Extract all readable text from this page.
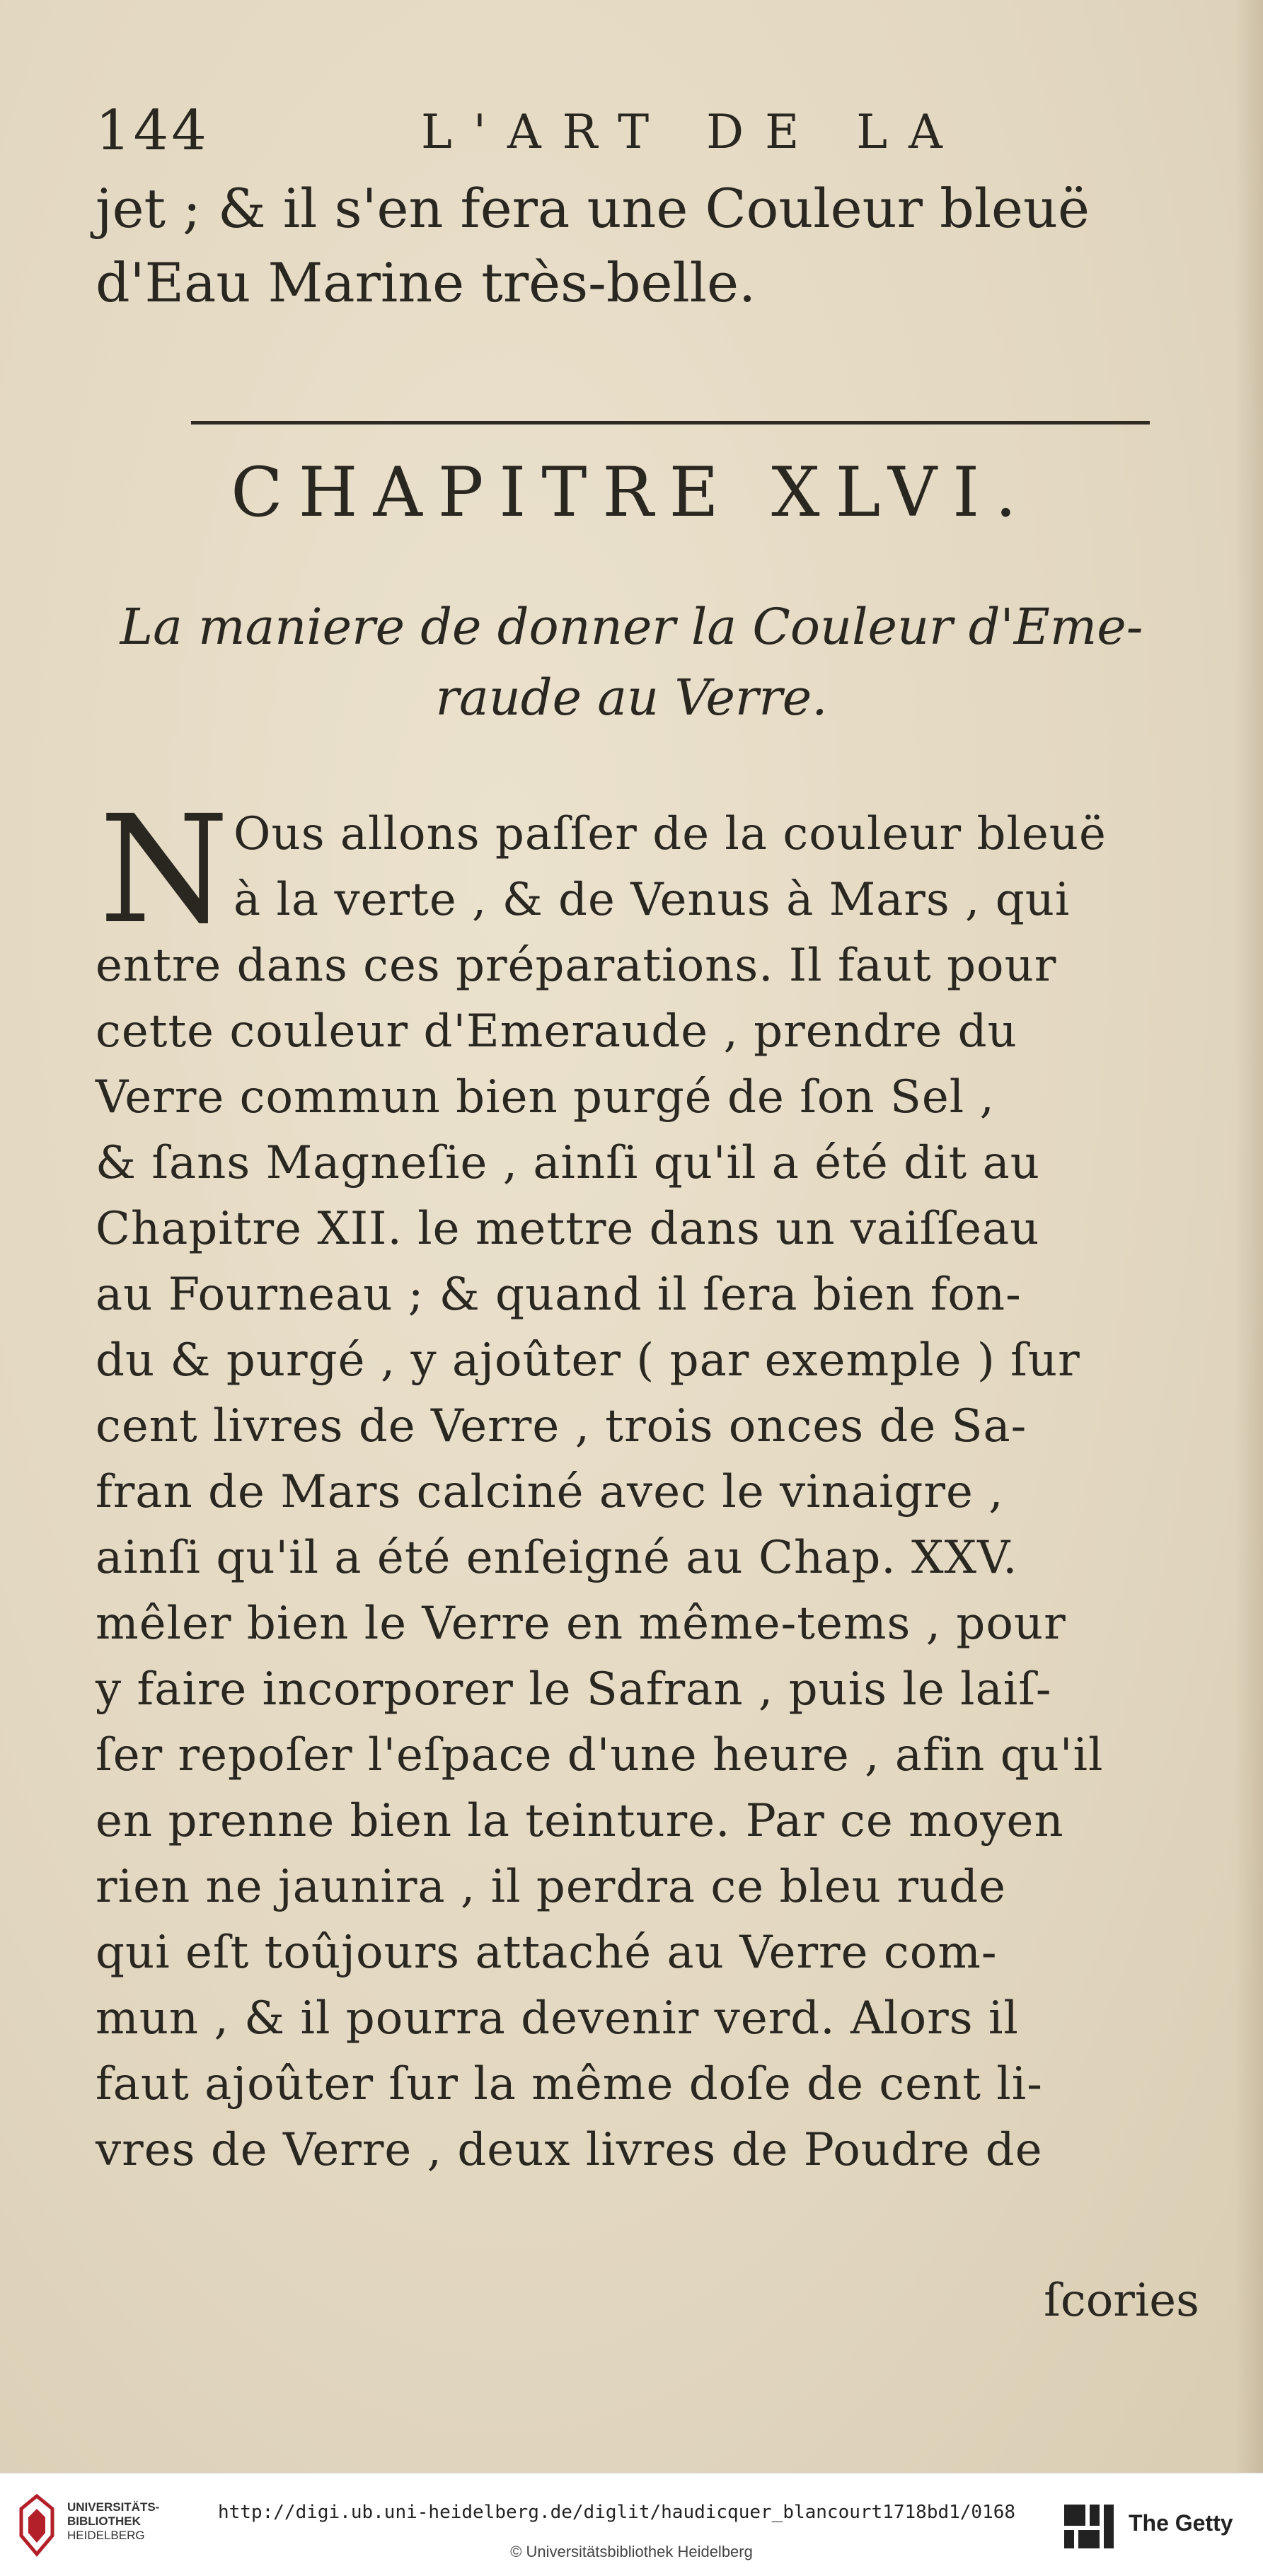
144	L'ART DE LA
jet ; & il s'en fera une Couleur bleuë
d'Eau Marine très-belle.
CHAPITRE XLVI.
La maniere de donner la Couleur d'Eme-
raude au Verre.
N Ous allons paſſer de la couleur bleuë
à la verte , & de Venus à Mars , qui
entre dans ces préparations. Il faut pour
cette couleur d'Emeraude , prendre du
Verre commun bien purgé de ſon Sel ,
& ſans Magneſie , ainſi qu'il a été dit au
Chapitre XII. le mettre dans un vaiſſeau
au Fourneau ; & quand il ſera bien fon-
du & purgé , y ajoûter ( par exemple ) ſur
cent livres de Verre , trois onces de Sa-
fran de Mars calciné avec le vinaigre ,
ainſi qu'il a été enſeigné au Chap. XXV.
mêler bien le Verre en même-tems , pour
y faire incorporer le Safran , puis le laiſ-
ſer repoſer l'eſpace d'une heure , afin qu'il
en prenne bien la teinture. Par ce moyen
rien ne jaunira , il perdra ce bleu rude
qui eſt toûjours attaché au Verre com-
mun , & il pourra devenir verd. Alors il
faut ajoûter ſur la même doſe de cent li-
vres de Verre , deux livres de Poudre de
ſcories
UNIVERSITÄTS-
BIBLIOTHEK
HEIDELBERG
http://digi.ub.uni-heidelberg.de/diglit/haudicquer_blancourt1718bd1/0168
© Universitätsbibliothek Heidelberg
The Getty
